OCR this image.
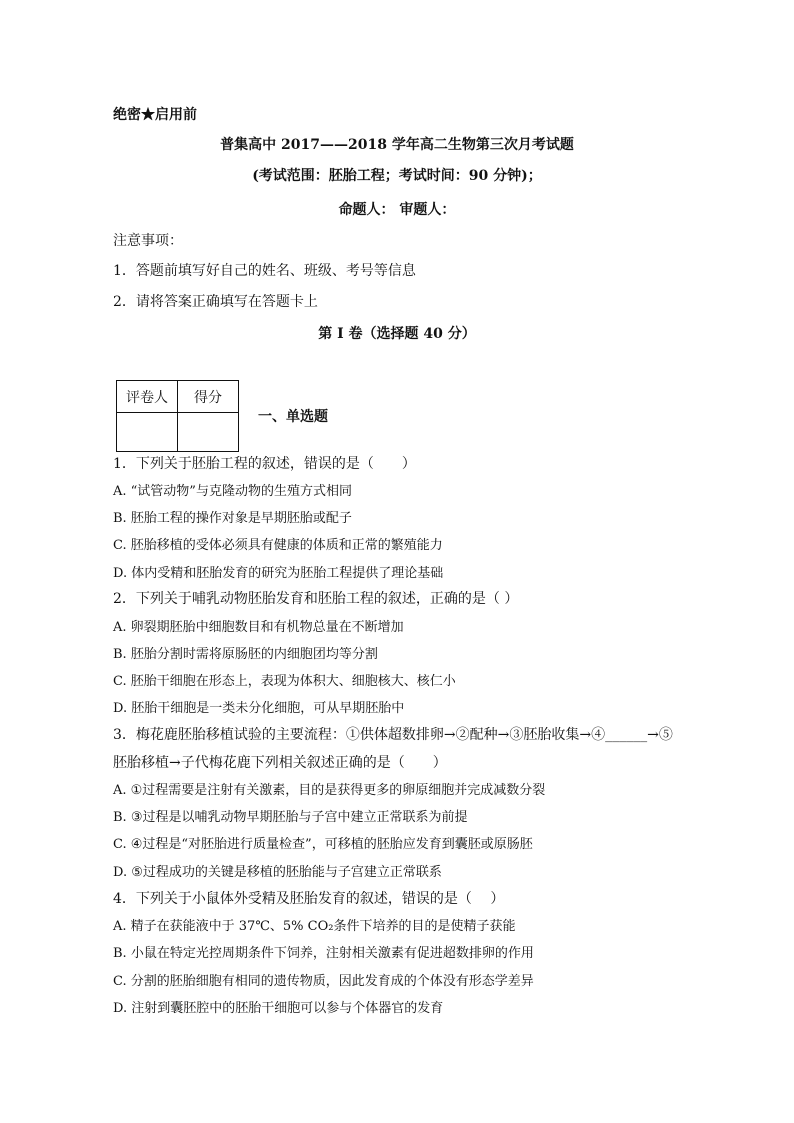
绝密★启用前
普集高中 2017——2018 学年高二生物第三次月考试题
(考试范围：胚胎工程；考试时间：90 分钟)；
命题人： 审题人：
注意事项：
1．答题前填写好自己的姓名、班级、考号等信息
2．请将答案正确填写在答题卡上
第 I 卷（选择题 40 分）
评卷人	得分

一、单选题
1．下列关于胚胎工程的叙述，错误的是（　　）
A. “试管动物”与克隆动物的生殖方式相同
B. 胚胎工程的操作对象是早期胚胎或配子
C. 胚胎移植的受体必须具有健康的体质和正常的繁殖能力
D. 体内受精和胚胎发育的研究为胚胎工程提供了理论基础
2．下列关于哺乳动物胚胎发育和胚胎工程的叙述，正确的是（ ）
A. 卵裂期胚胎中细胞数目和有机物总量在不断增加
B. 胚胎分割时需将原肠胚的内细胞团均等分割
C. 胚胎干细胞在形态上，表现为体积大、细胞核大、核仁小
D. 胚胎干细胞是一类未分化细胞，可从早期胚胎中
3．梅花鹿胚胎移植试验的主要流程：①供体超数排卵→②配种→③胚胎收集→④______→⑤
胚胎移植→子代梅花鹿下列相关叙述正确的是（　　）
A. ①过程需要是注射有关激素，目的是获得更多的卵原细胞并完成减数分裂
B. ③过程是以哺乳动物早期胚胎与子宫中建立正常联系为前提
C. ④过程是“对胚胎进行质量检查”，可移植的胚胎应发育到囊胚或原肠胚
D. ⑤过程成功的关键是移植的胚胎能与子宫建立正常联系
4．下列关于小鼠体外受精及胚胎发育的叙述，错误的是（　 ）
A. 精子在获能液中于 37℃、5% CO₂条件下培养的目的是使精子获能
B. 小鼠在特定光控周期条件下饲养，注射相关激素有促进超数排卵的作用
C. 分割的胚胎细胞有相同的遗传物质，因此发育成的个体没有形态学差异
D. 注射到囊胚腔中的胚胎干细胞可以参与个体器官的发育
